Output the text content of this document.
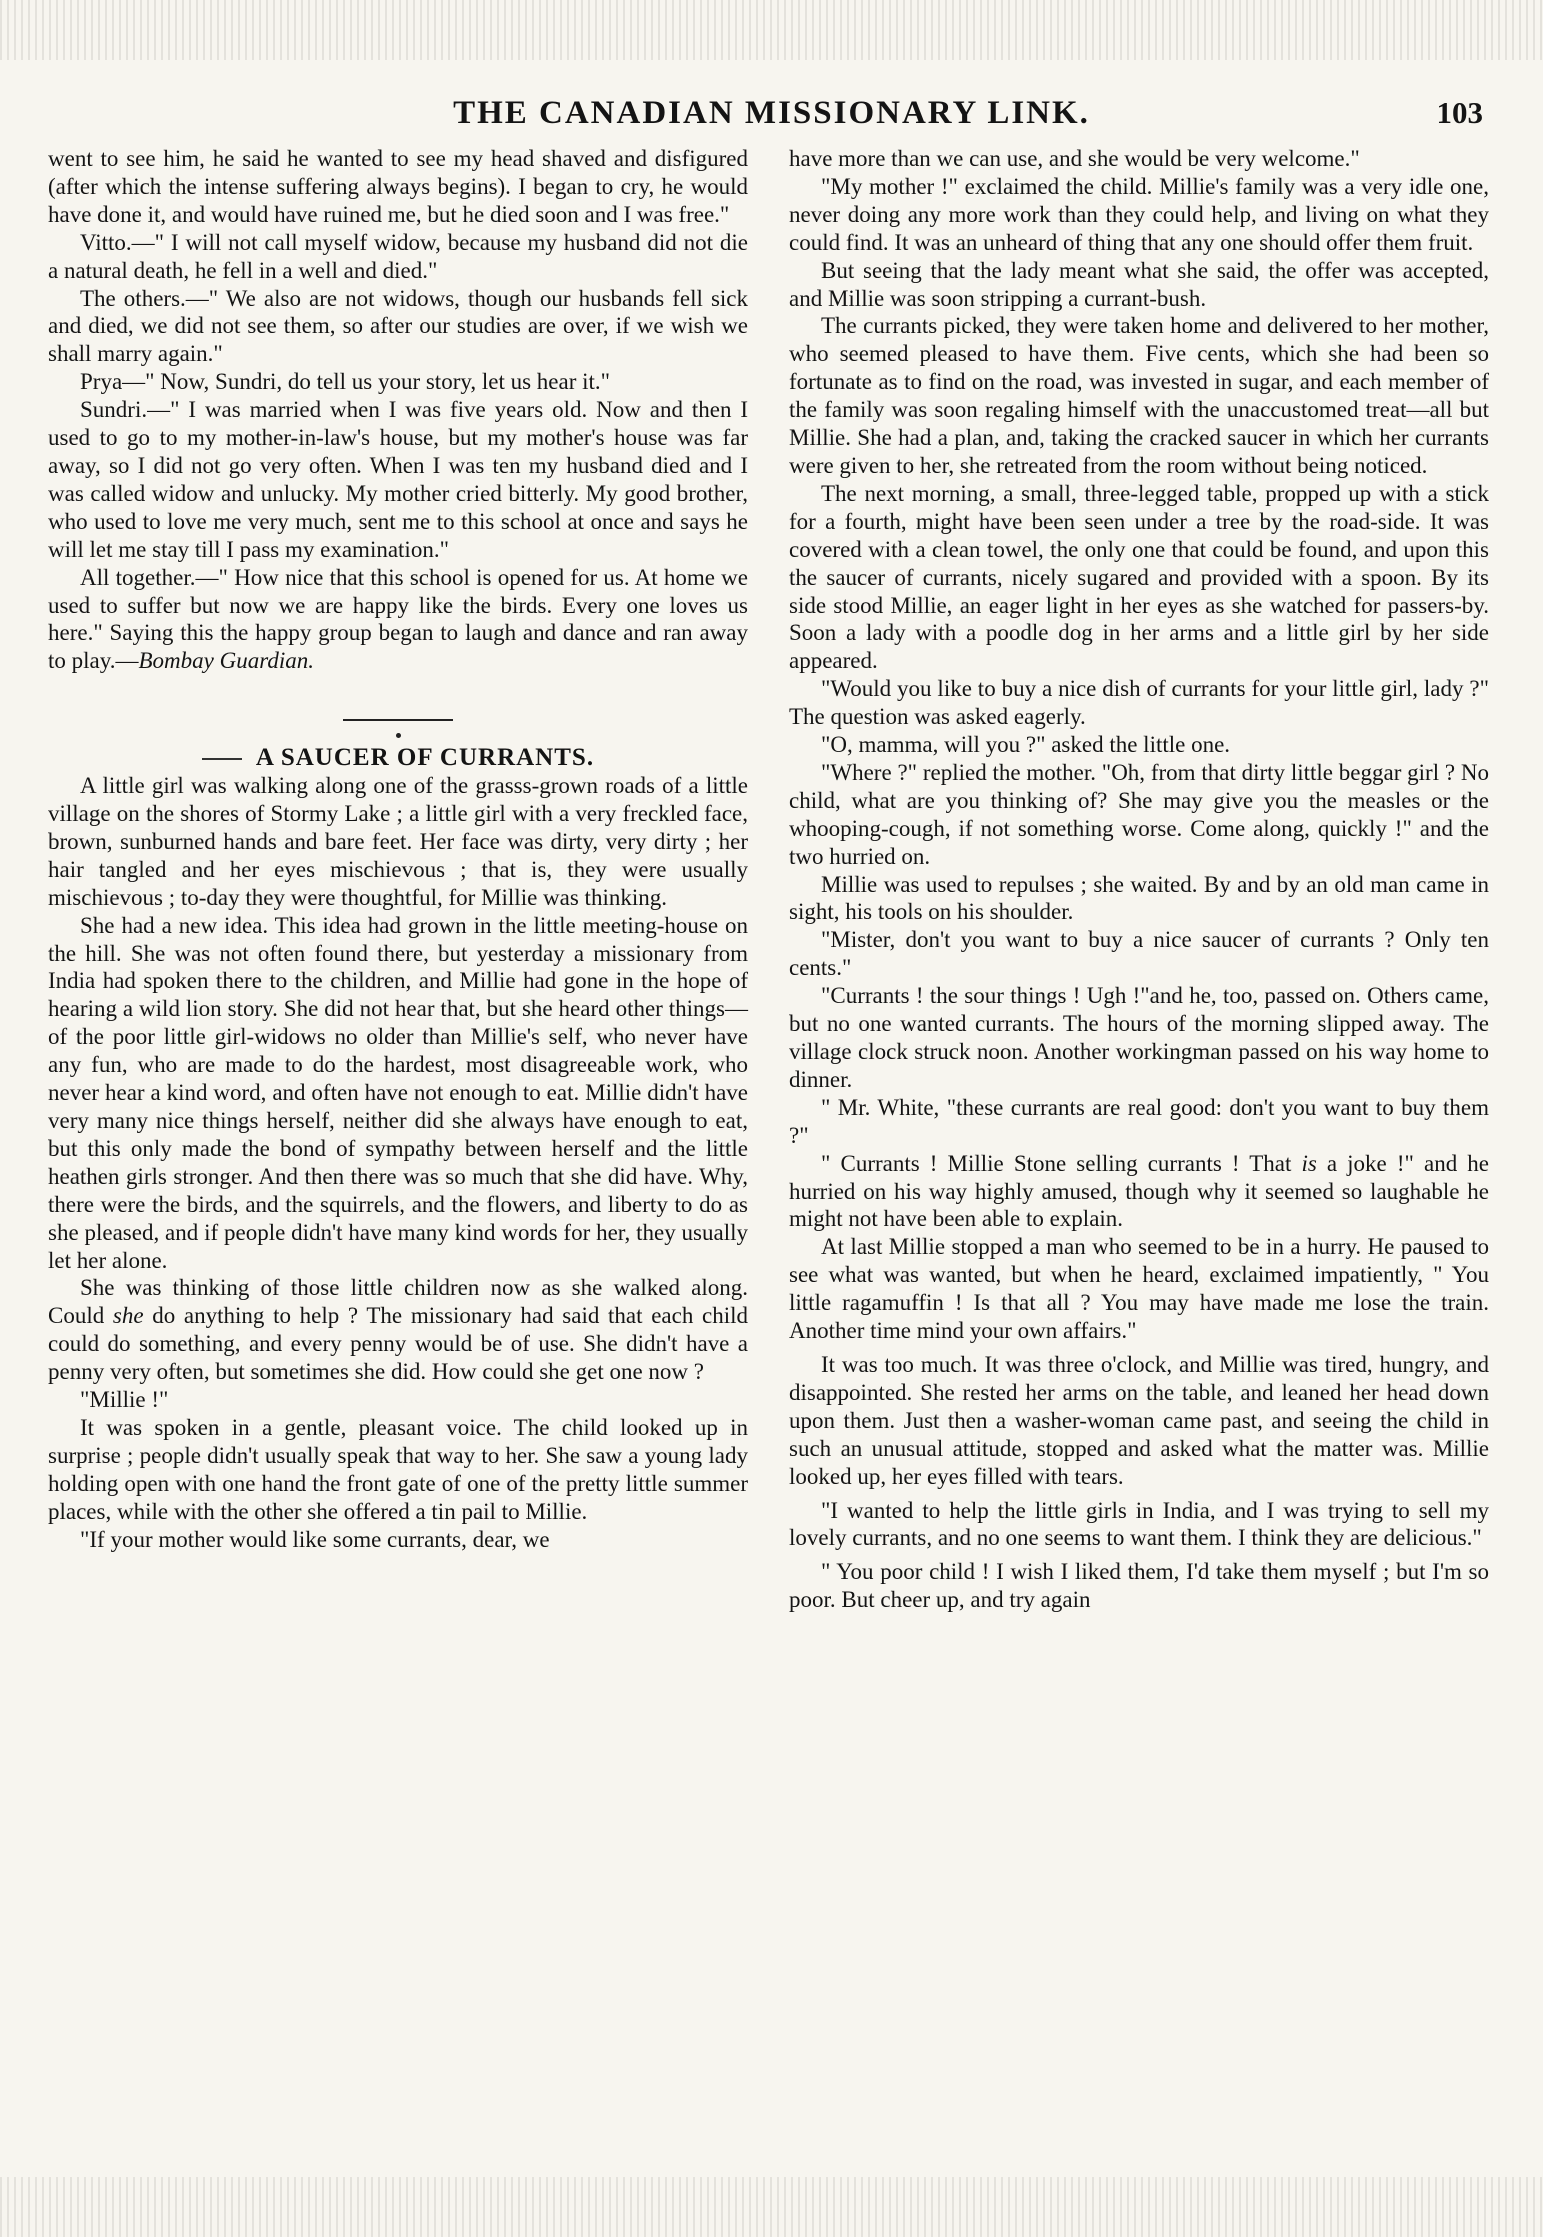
THE CANADIAN MISSIONARY LINK.	103

went to see him, he said he wanted to see my head shaved and disfigured (after which the intense suffering always begins). I began to cry, he would have done it, and would have ruined me, but he died soon and I was free."

Vitto.—" I will not call myself widow, because my husband did not die a natural death, he fell in a well and died."

The others.—" We also are not widows, though our husbands fell sick and died, we did not see them, so after our studies are over, if we wish we shall marry again."

Prya—" Now, Sundri, do tell us your story, let us hear it."

Sundri.—" I was married when I was five years old. Now and then I used to go to my mother-in-law's house, but my mother's house was far away, so I did not go very often. When I was ten my husband died and I was called widow and unlucky. My mother cried bitterly. My good brother, who used to love me very much, sent me to this school at once and says he will let me stay till I pass my examination."

All together.—" How nice that this school is opened for us. At home we used to suffer but now we are happy like the birds. Every one loves us here." Saying this the happy group began to laugh and dance and ran away to play.—Bombay Guardian.

A SAUCER OF CURRANTS.

A little girl was walking along one of the grasss-grown roads of a little village on the shores of Stormy Lake ; a little girl with a very freckled face, brown, sunburned hands and bare feet. Her face was dirty, very dirty ; her hair tangled and her eyes mischievous ; that is, they were usually mischievous ; to-day they were thoughtful, for Millie was thinking.

She had a new idea. This idea had grown in the little meeting-house on the hill. She was not often found there, but yesterday a missionary from India had spoken there to the children, and Millie had gone in the hope of hearing a wild lion story. She did not hear that, but she heard other things—of the poor little girl-widows no older than Millie's self, who never have any fun, who are made to do the hardest, most disagreeable work, who never hear a kind word, and often have not enough to eat. Millie didn't have very many nice things herself, neither did she always have enough to eat, but this only made the bond of sympathy between herself and the little heathen girls stronger. And then there was so much that she did have. Why, there were the birds, and the squirrels, and the flowers, and liberty to do as she pleased, and if people didn't have many kind words for her, they usually let her alone.

She was thinking of those little children now as she walked along. Could she do anything to help ? The missionary had said that each child could do something, and every penny would be of use. She didn't have a penny very often, but sometimes she did. How could she get one now ?

"Millie !"

It was spoken in a gentle, pleasant voice. The child looked up in surprise ; people didn't usually speak that way to her. She saw a young lady holding open with one hand the front gate of one of the pretty little summer places, while with the other she offered a tin pail to Millie.

"If your mother would like some currants, dear, we

have more than we can use, and she would be very welcome."

"My mother !" exclaimed the child. Millie's family was a very idle one, never doing any more work than they could help, and living on what they could find. It was an unheard of thing that any one should offer them fruit.

But seeing that the lady meant what she said, the offer was accepted, and Millie was soon stripping a currant-bush.

The currants picked, they were taken home and delivered to her mother, who seemed pleased to have them. Five cents, which she had been so fortunate as to find on the road, was invested in sugar, and each member of the family was soon regaling himself with the unaccustomed treat—all but Millie. She had a plan, and, taking the cracked saucer in which her currants were given to her, she retreated from the room without being noticed.

The next morning, a small, three-legged table, propped up with a stick for a fourth, might have been seen under a tree by the road-side. It was covered with a clean towel, the only one that could be found, and upon this the saucer of currants, nicely sugared and provided with a spoon. By its side stood Millie, an eager light in her eyes as she watched for passers-by. Soon a lady with a poodle dog in her arms and a little girl by her side appeared.

"Would you like to buy a nice dish of currants for your little girl, lady ?" The question was asked eagerly.

"O, mamma, will you ?" asked the little one.

"Where ?" replied the mother. "Oh, from that dirty little beggar girl ? No child, what are you thinking of? She may give you the measles or the whooping-cough, if not something worse. Come along, quickly !" and the two hurried on.

Millie was used to repulses ; she waited. By and by an old man came in sight, his tools on his shoulder.

"Mister, don't you want to buy a nice saucer of currants ? Only ten cents."

"Currants ! the sour things ! Ugh !"and he, too, passed on. Others came, but no one wanted currants. The hours of the morning slipped away. The village clock struck noon. Another workingman passed on his way home to dinner.

" Mr. White, "these currants are real good: don't you want to buy them ?"

" Currants ! Millie Stone selling currants ! That is a joke !" and he hurried on his way highly amused, though why it seemed so laughable he might not have been able to explain.

At last Millie stopped a man who seemed to be in a hurry. He paused to see what was wanted, but when he heard, exclaimed impatiently, " You little ragamuffin ! Is that all ? You may have made me lose the train. Another time mind your own affairs."

It was too much. It was three o'clock, and Millie was tired, hungry, and disappointed. She rested her arms on the table, and leaned her head down upon them. Just then a washer-woman came past, and seeing the child in such an unusual attitude, stopped and asked what the matter was. Millie looked up, her eyes filled with tears.

"I wanted to help the little girls in India, and I was trying to sell my lovely currants, and no one seems to want them. I think they are delicious."

" You poor child ! I wish I liked them, I'd take them myself ; but I'm so poor. But cheer up, and try again
